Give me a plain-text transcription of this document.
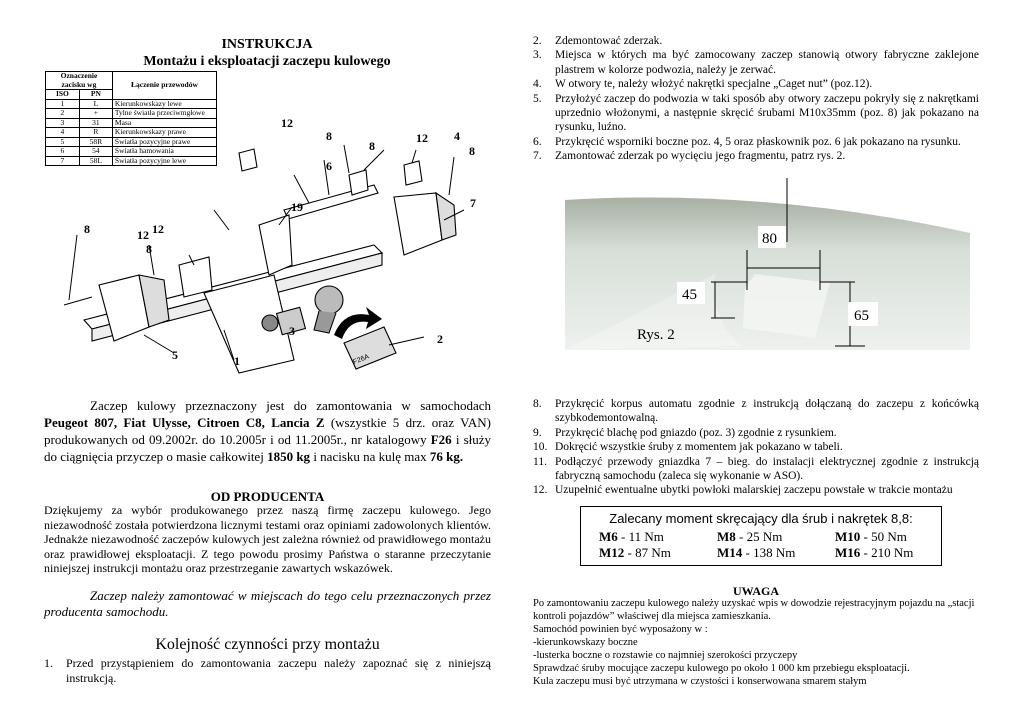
INSTRUKCJA
Montażu i eksploatacji zaczepu kulowego
Oznaczenie zacisku wg		Łączenie przewodów
ISO	PN	
1	L	Kierunkowskazy lewe
2	+	Tylne światła przeciwmgłowe
3	31	Masa
4	R	Kierunkowskazy prawe
5	58R	Światła pozycyjne prawe
6	54	Światła hamowania
7	58L	Światła pozycyjne lewe
12
8
6
8
12 4
8
19	7
8	12 12
8
3
2
5	1	F26A
Zaczep kulowy przeznaczony jest do zamontowania w samochodach Peugeot 807, Fiat Ulysse, Citroen C8, Lancia Z (wszystkie 5 drz. oraz VAN) produkowanych od 09.2002r. do 10.2005r i od 11.2005r., nr katalogowy F26 i służy do ciągnięcia przyczep o masie całkowitej 1850 kg i nacisku na kulę max 76 kg.
OD PRODUCENTA
Dziękujemy za wybór produkowanego przez naszą firmę zaczepu kulowego. Jego niezawodność została potwierdzona licznymi testami oraz opiniami zadowolonych klientów. Jednakże niezawodność zaczepów kulowych jest zależna również od prawidłowego montażu oraz prawidłowej eksploatacji. Z tego powodu prosimy Państwa o staranne przeczytanie niniejszej instrukcji montażu oraz przestrzeganie zawartych wskazówek.
Zaczep należy zamontować w miejscach do tego celu przeznaczonych przez producenta samochodu.
Kolejność czynności przy montażu
1.	Przed przystąpieniem do zamontowania zaczepu należy zapoznać się z niniejszą instrukcją.
2. Zdemontować zderzak.
3. Miejsca w których ma być zamocowany zaczep stanowią otwory fabryczne zaklejone plastrem w kolorze podwozia, należy je zerwać.
4. W otwory te, należy włożyć nakrętki specjalne „Caget nut” (poz.12).
5. Przyłożyć zaczep do podwozia w taki sposób aby otwory zaczepu pokryły się z nakrętkami uprzednio włożonymi, a następnie skręcić śrubami M10x35mm (poz. 8) jak pokazano na rysunku, luźno.
6. Przykręcić wsporniki boczne poz. 4, 5 oraz płaskownik poz. 6 jak pokazano na rysunku.
7. Zamontować zderzak po wycięciu jego fragmentu, patrz rys. 2.
80
45
65
Rys. 2
8. Przykręcić korpus automatu zgodnie z instrukcją dołączaną do zaczepu z końcówką szybkodemontowalną.
9. Przykręcić blachę pod gniazdo (poz. 3) zgodnie z rysunkiem.
10. Dokręcić wszystkie śruby z momentem jak pokazano w tabeli.
11. Podłączyć przewody gniazdka 7 – bieg. do instalacji elektrycznej zgodnie z instrukcją fabryczną samochodu (zaleca się wykonanie w ASO).
12. Uzupełnić ewentualne ubytki powłoki malarskiej zaczepu powstałe w trakcie montażu
Zalecany moment skręcający dla śrub i nakrętek 8,8:
M6 - 11 Nm	M8 - 25 Nm	M10 - 50 Nm
M12 - 87 Nm	M14 - 138 Nm	M16 - 210 Nm
UWAGA
Po zamontowaniu zaczepu kulowego należy uzyskać wpis w dowodzie rejestracyjnym pojazdu na „stacji kontroli pojazdów” właściwej dla miejsca zamieszkania.
Samochód powinien być wyposażony w :
-kierunkowskazy boczne
-lusterka boczne o rozstawie co najmniej szerokości przyczepy
Sprawdzać śruby mocujące zaczepu kulowego po około 1 000 km przebiegu eksploatacji.
Kula zaczepu musi być utrzymana w czystości i konserwowana smarem stałym
